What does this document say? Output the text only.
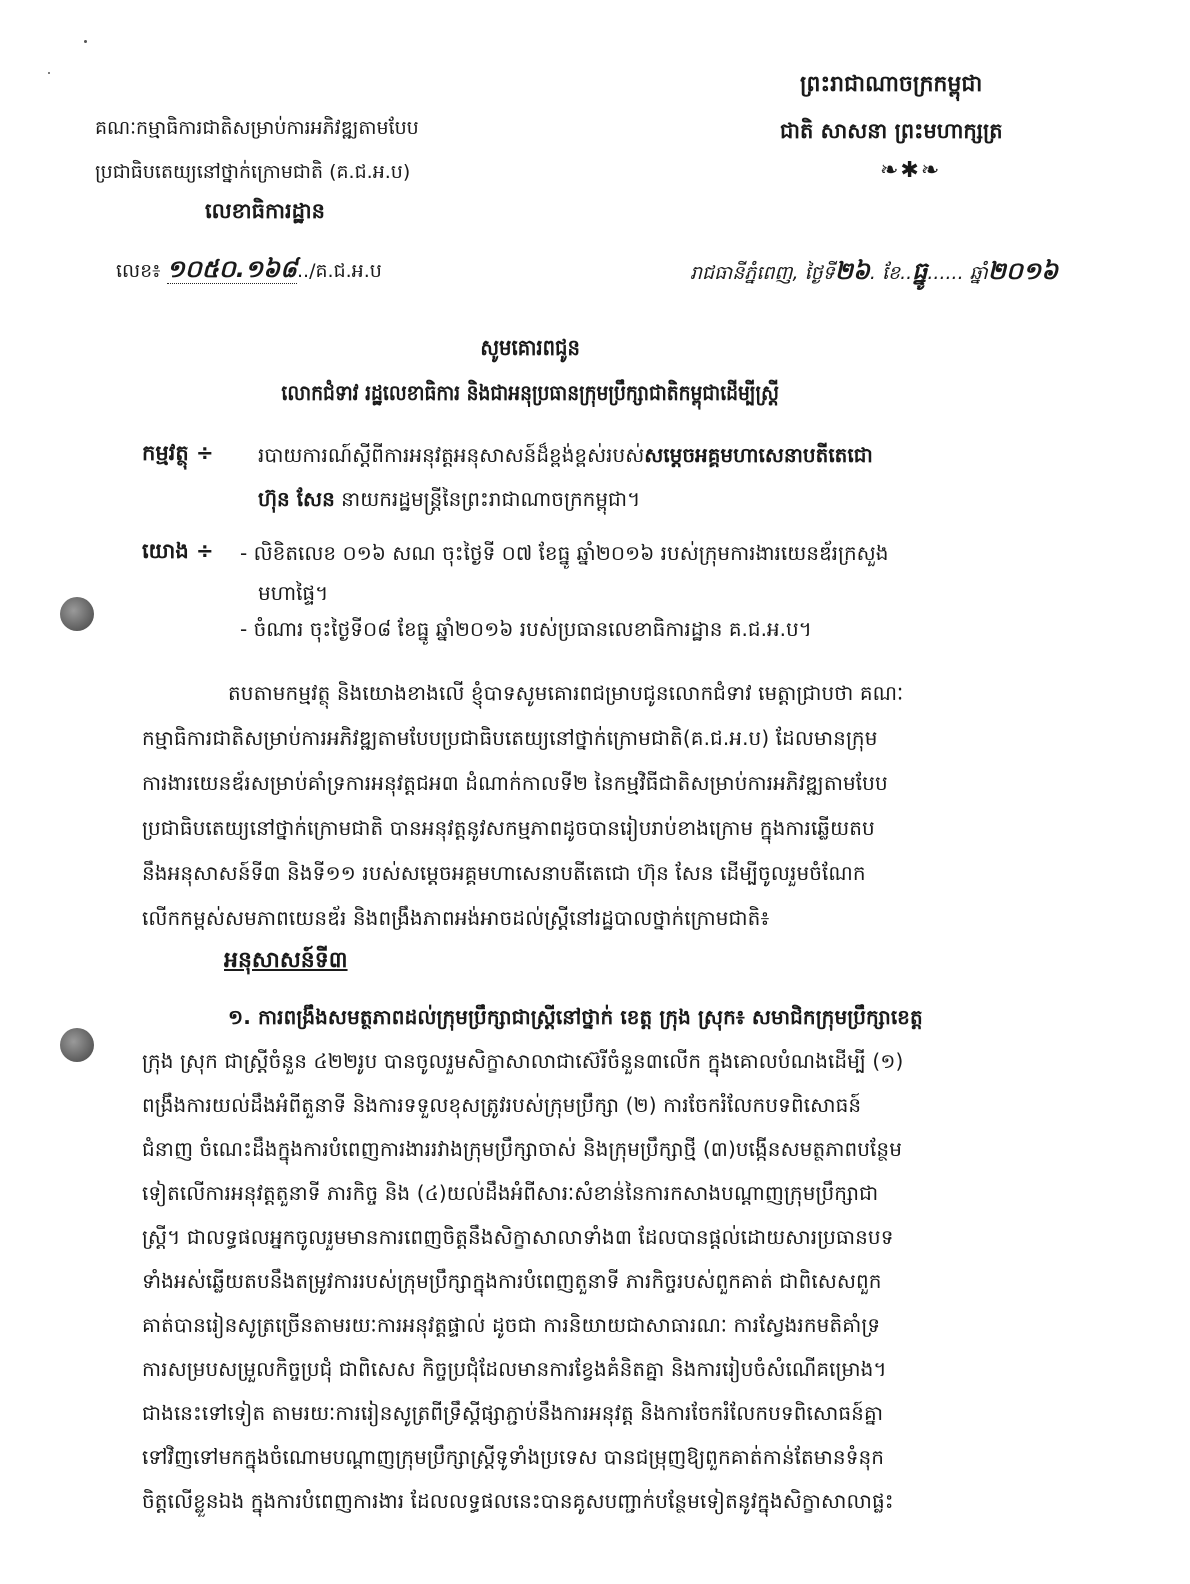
គណៈកម្មាធិការជាតិសម្រាប់ការអភិវឌ្ឍតាមបែប
ប្រជាធិបតេយ្យនៅថ្នាក់ក្រោមជាតិ (គ.ជ.អ.ប)
លេខាធិការដ្ឋាន
ព្រះរាជាណាចក្រកម្ពុជា
ជាតិ សាសនា ព្រះមហាក្សត្រ
❧✱❧
លេខ៖ ១០៥០.១៦៨../គ.ជ.អ.ប	រាជធានីភ្នំពេញ, ថ្ងៃទី២៦. ខែ..ធ្នូ...... ឆ្នាំ២០១៦
សូមគោរពជូន
លោកជំទាវ រដ្ឋលេខាធិការ និងជាអនុប្រធានក្រុមប្រឹក្សាជាតិកម្ពុជាដើម្បីស្ត្រី
កម្មវត្ថុ ÷ របាយការណ៍ស្តីពីការអនុវត្តអនុសាសន៍ដ៏ខ្ពង់ខ្ពស់របស់សម្តេចអគ្គមហាសេនាបតីតេជោ
ហ៊ុន សែន នាយករដ្ឋមន្ត្រីនៃព្រះរាជាណាចក្រកម្ពុជា។
យោង ÷ - លិខិតលេខ ០១៦ សណ ចុះថ្ងៃទី ០៧ ខែធ្នូ ឆ្នាំ២០១៦ របស់ក្រុមការងារយេនឌ័រក្រសួង
មហាផ្ទៃ។
- ចំណារ ចុះថ្ងៃទី០៨ ខែធ្នូ ឆ្នាំ២០១៦ របស់ប្រធានលេខាធិការដ្ឋាន គ.ជ.អ.ប។
តបតាមកម្មវត្ថុ និងយោងខាងលើ ខ្ញុំបាទសូមគោរពជម្រាបជូនលោកជំទាវ មេត្តាជ្រាបថា គណៈ
កម្មាធិការជាតិសម្រាប់ការអភិវឌ្ឍតាមបែបប្រជាធិបតេយ្យនៅថ្នាក់ក្រោមជាតិ(គ.ជ.អ.ប) ដែលមានក្រុម
ការងារយេនឌ័រសម្រាប់គាំទ្រការអនុវត្តជអ៣ ដំណាក់កាលទី២ នៃកម្មវិធីជាតិសម្រាប់ការអភិវឌ្ឍតាមបែប
ប្រជាធិបតេយ្យនៅថ្នាក់ក្រោមជាតិ បានអនុវត្តនូវសកម្មភាពដូចបានរៀបរាប់ខាងក្រោម ក្នុងការឆ្លើយតប
នឹងអនុសាសន៍ទី៣ និងទី១១ របស់សម្តេចអគ្គមហាសេនាបតីតេជោ ហ៊ុន សែន ដើម្បីចូលរួមចំណែក
លើកកម្ពស់សមភាពយេនឌ័រ និងពង្រឹងភាពអង់អាចដល់ស្ត្រីនៅរដ្ឋបាលថ្នាក់ក្រោមជាតិ៖
អនុសាសន៍ទី៣
១. ការពង្រឹងសមត្ថភាពដល់ក្រុមប្រឹក្សាជាស្ត្រីនៅថ្នាក់ ខេត្ត ក្រុង ស្រុក៖ សមាជិកក្រុមប្រឹក្សាខេត្ត
ក្រុង ស្រុក ជាស្ត្រីចំនួន ៤២២រូប បានចូលរួមសិក្ខាសាលាជាស៊េរីចំនួន៣លើក ក្នុងគោលបំណងដើម្បី (១)
ពង្រឹងការយល់ដឹងអំពីតួនាទី និងការទទួលខុសត្រូវរបស់ក្រុមប្រឹក្សា (២) ការចែករំលែកបទពិសោធន៍
ជំនាញ ចំណេះដឹងក្នុងការបំពេញការងាររវាងក្រុមប្រឹក្សាចាស់ និងក្រុមប្រឹក្សាថ្មី (៣)បង្កើនសមត្ថភាពបន្ថែម
ទៀតលើការអនុវត្តតួនាទី ភារកិច្ច និង (៤)យល់ដឹងអំពីសារៈសំខាន់នៃការកសាងបណ្តាញក្រុមប្រឹក្សាជា
ស្ត្រី។ ជាលទ្ធផលអ្នកចូលរួមមានការពេញចិត្តនឹងសិក្ខាសាលាទាំង៣ ដែលបានផ្តល់ដោយសារប្រធានបទ
ទាំងអស់ឆ្លើយតបនឹងតម្រូវការរបស់ក្រុមប្រឹក្សាក្នុងការបំពេញតួនាទី ភារកិច្ចរបស់ពួកគាត់ ជាពិសេសពួក
គាត់បានរៀនសូត្រច្រើនតាមរយៈការអនុវត្តផ្ទាល់ ដូចជា ការនិយាយជាសាធារណៈ ការស្វែងរកមតិគាំទ្រ
ការសម្របសម្រួលកិច្ចប្រជុំ ជាពិសេស កិច្ចប្រជុំដែលមានការខ្វែងគំនិតគ្នា និងការរៀបចំសំណើគម្រោង។
ជាងនេះទៅទៀត តាមរយៈការរៀនសូត្រពីទ្រឹស្តីផ្សាភ្ជាប់នឹងការអនុវត្ត និងការចែករំលែកបទពិសោធន៍គ្នា
ទៅវិញទៅមកក្នុងចំណោមបណ្តាញក្រុមប្រឹក្សាស្ត្រីទូទាំងប្រទេស បានជម្រុញឱ្យពួកគាត់កាន់តែមានទំនុក
ចិត្តលើខ្លួនឯង ក្នុងការបំពេញការងារ ដែលលទ្ធផលនេះបានគូសបញ្ជាក់បន្ថែមទៀតនូវក្នុងសិក្ខាសាលាផ្លះ
